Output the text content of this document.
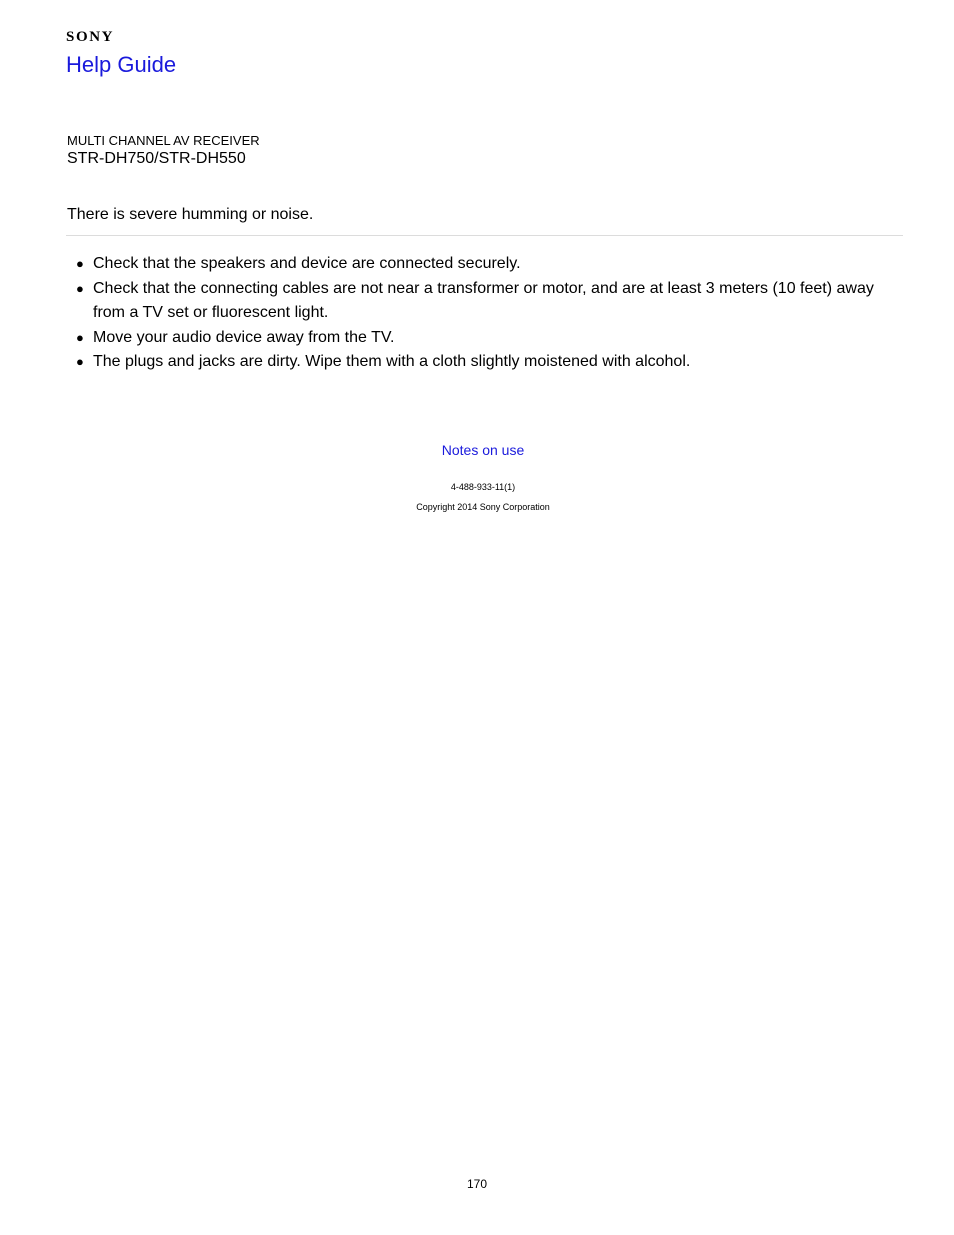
SONY
Help Guide
MULTI CHANNEL AV RECEIVER
STR-DH750/STR-DH550
There is severe humming or noise.
● Check that the speakers and device are connected securely.
● Check that the connecting cables are not near a transformer or motor, and are at least 3 meters (10 feet) away from a TV set or fluorescent light.
● Move your audio device away from the TV.
● The plugs and jacks are dirty. Wipe them with a cloth slightly moistened with alcohol.
Notes on use
4-488-933-11(1)
Copyright 2014 Sony Corporation
170
